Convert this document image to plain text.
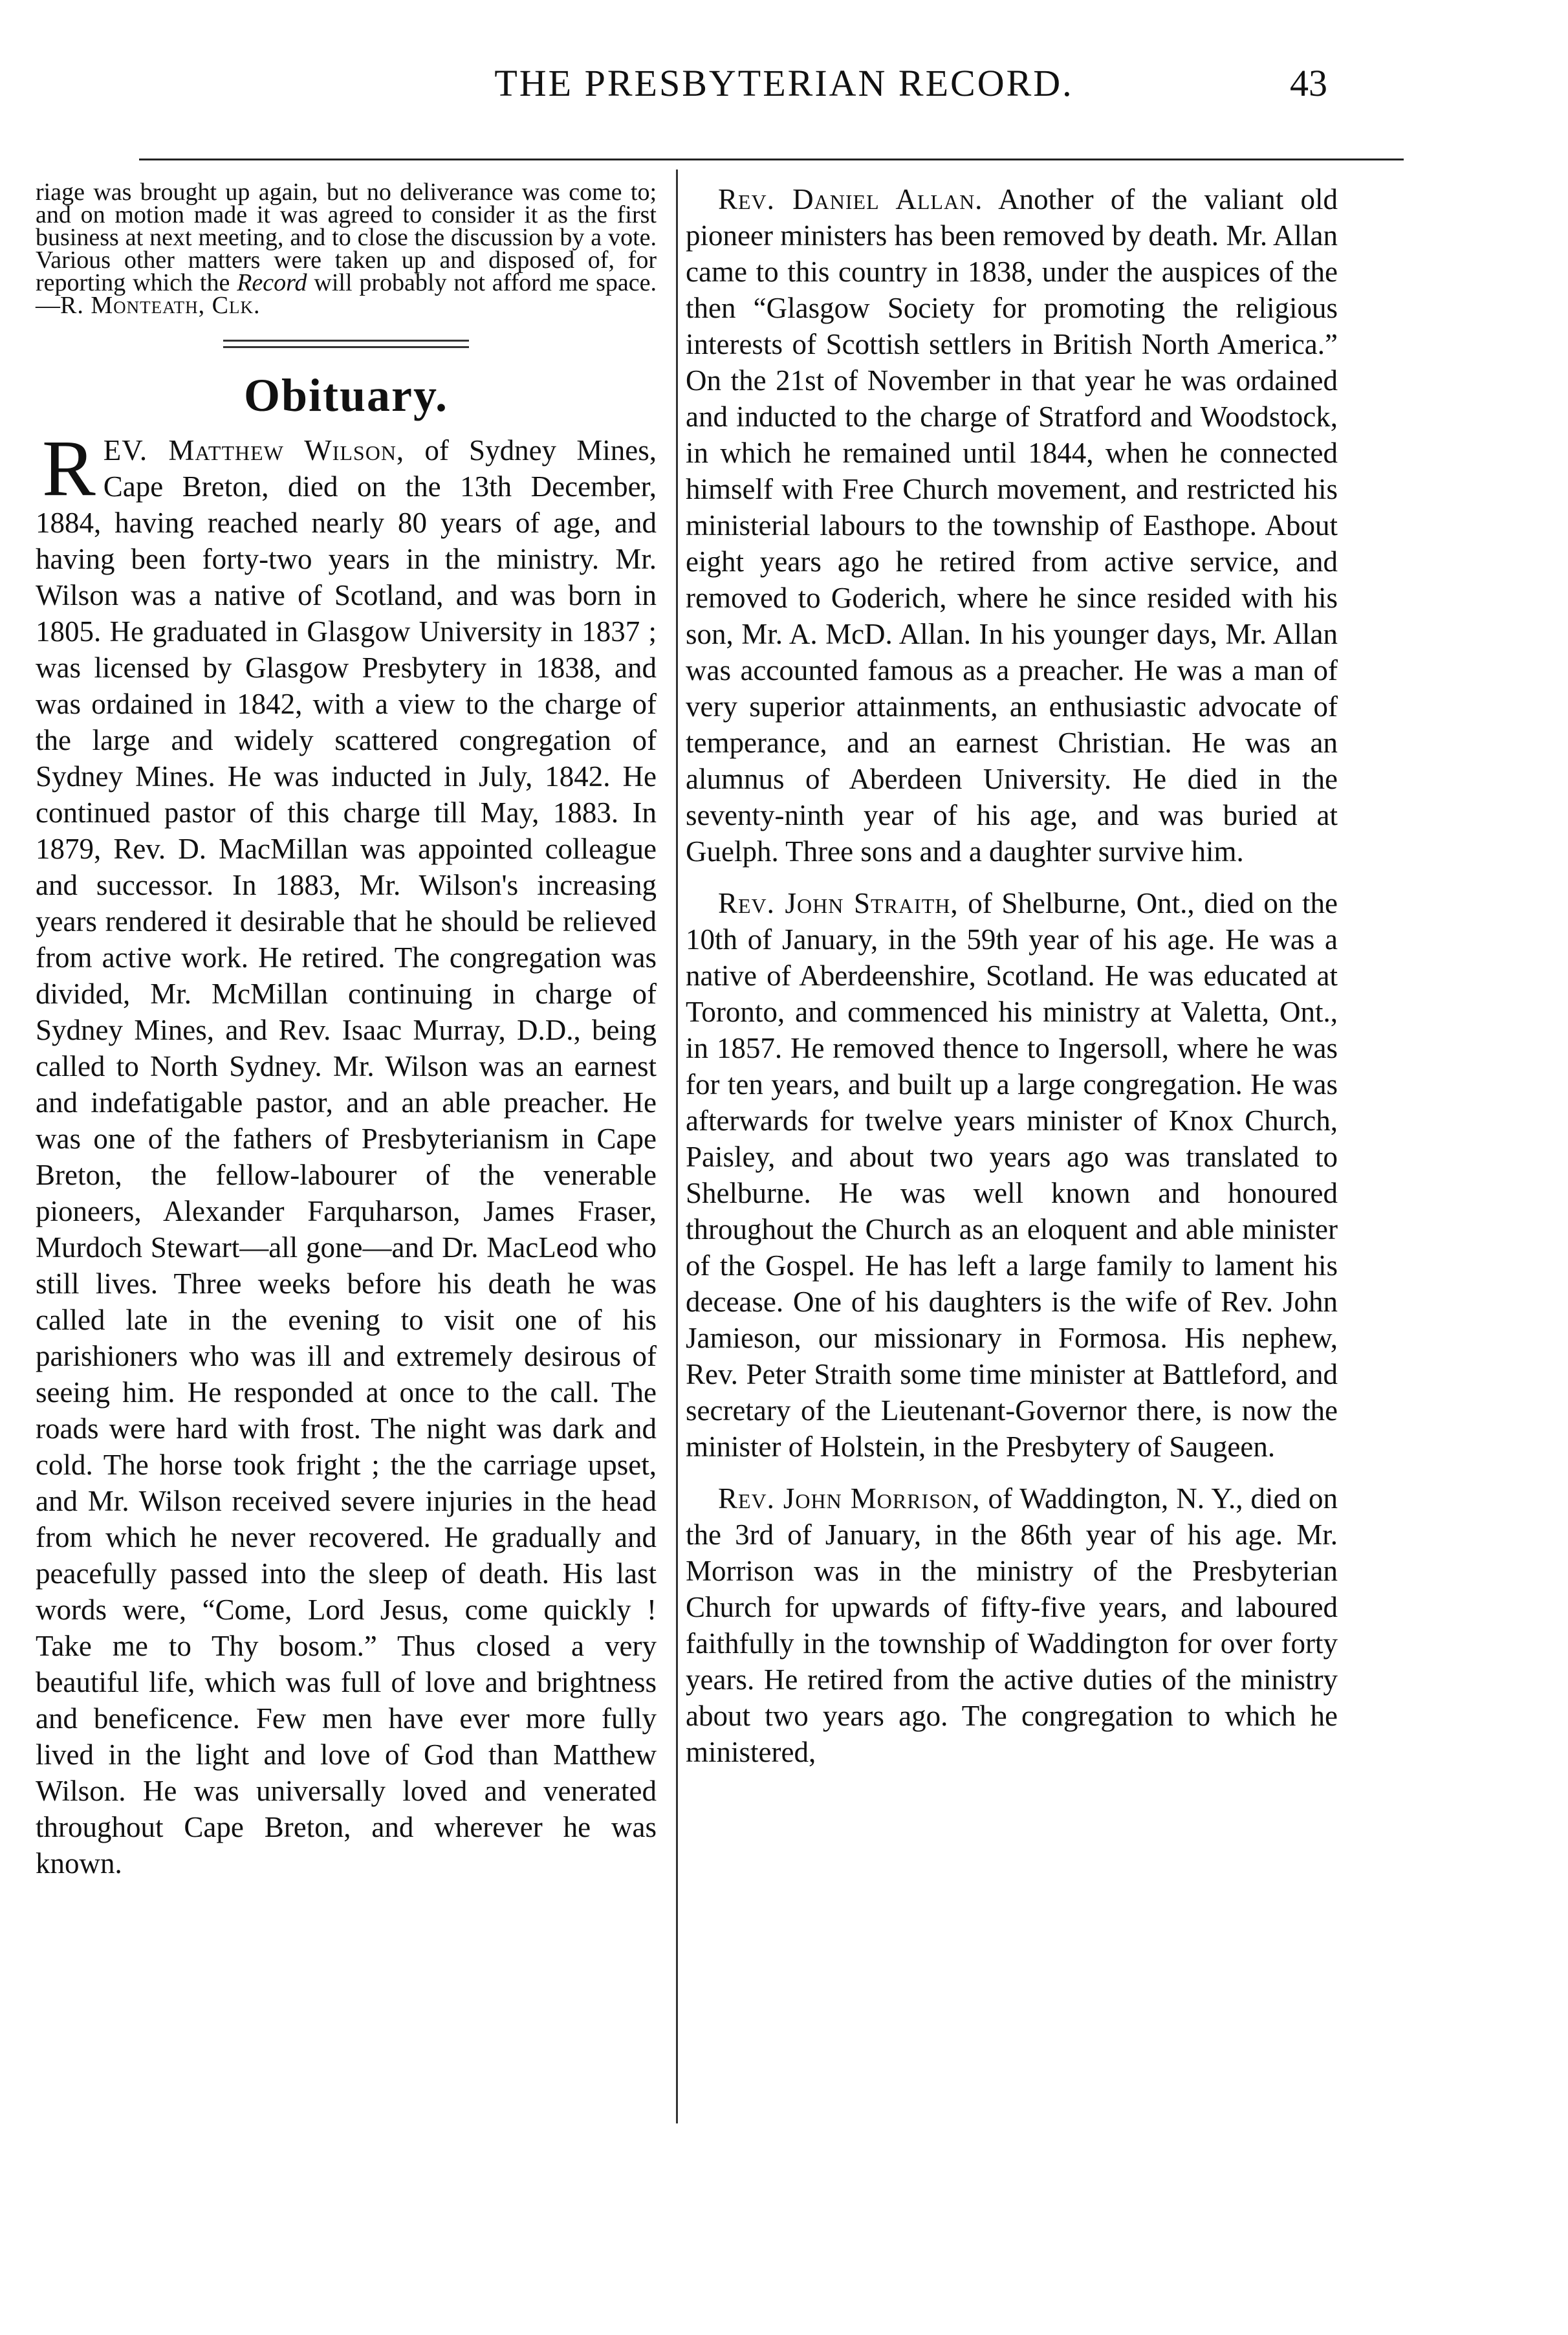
THE PRESBYTERIAN RECORD.	43

riage was brought up again, but no deliverance was come to; and on motion made it was agreed to consider it as the first business at next meeting, and to close the discussion by a vote. Various other matters were taken up and disposed of, for reporting which the Record will probably not afford me space.—R. Monteath, Clk.

Obituary.

REV. Matthew Wilson, of Sydney Mines, Cape Breton, died on the 13th December, 1884, having reached nearly 80 years of age, and having been forty-two years in the ministry. Mr. Wilson was a native of Scotland, and was born in 1805. He graduated in Glasgow University in 1837 ; was licensed by Glasgow Presbytery in 1838, and was ordained in 1842, with a view to the charge of the large and widely scattered congregation of Sydney Mines. He was inducted in July, 1842. He continued pastor of this charge till May, 1883. In 1879, Rev. D. MacMillan was appointed colleague and successor. In 1883, Mr. Wilson's increasing years rendered it desirable that he should be relieved from active work. He retired. The congregation was divided, Mr. McMillan continuing in charge of Sydney Mines, and Rev. Isaac Murray, D.D., being called to North Sydney. Mr. Wilson was an earnest and indefatigable pastor, and an able preacher. He was one of the fathers of Presbyterianism in Cape Breton, the fellow-labourer of the venerable pioneers, Alexander Farquharson, James Fraser, Murdoch Stewart—all gone—and Dr. MacLeod who still lives. Three weeks before his death he was called late in the evening to visit one of his parishioners who was ill and extremely desirous of seeing him. He responded at once to the call. The roads were hard with frost. The night was dark and cold. The horse took fright ; the the carriage upset, and Mr. Wilson received severe injuries in the head from which he never recovered. He gradually and peacefully passed into the sleep of death. His last words were, “Come, Lord Jesus, come quickly ! Take me to Thy bosom.” Thus closed a very beautiful life, which was full of love and brightness and beneficence. Few men have ever more fully lived in the light and love of God than Matthew Wilson. He was universally loved and venerated throughout Cape Breton, and wherever he was known.

Rev. Daniel Allan. Another of the valiant old pioneer ministers has been removed by death. Mr. Allan came to this country in 1838, under the auspices of the then “Glasgow Society for promoting the religious interests of Scottish settlers in British North America.” On the 21st of November in that year he was ordained and inducted to the charge of Stratford and Woodstock, in which he remained until 1844, when he connected himself with Free Church movement, and restricted his ministerial labours to the township of Easthope. About eight years ago he retired from active service, and removed to Goderich, where he since resided with his son, Mr. A. McD. Allan. In his younger days, Mr. Allan was accounted famous as a preacher. He was a man of very superior attainments, an enthusiastic advocate of temperance, and an earnest Christian. He was an alumnus of Aberdeen University. He died in the seventy-ninth year of his age, and was buried at Guelph. Three sons and a daughter survive him.

Rev. John Straith, of Shelburne, Ont., died on the 10th of January, in the 59th year of his age. He was a native of Aberdeenshire, Scotland. He was educated at Toronto, and commenced his ministry at Valetta, Ont., in 1857. He removed thence to Ingersoll, where he was for ten years, and built up a large congregation. He was afterwards for twelve years minister of Knox Church, Paisley, and about two years ago was translated to Shelburne. He was well known and honoured throughout the Church as an eloquent and able minister of the Gospel. He has left a large family to lament his decease. One of his daughters is the wife of Rev. John Jamieson, our missionary in Formosa. His nephew, Rev. Peter Straith some time minister at Battleford, and secretary of the Lieutenant-Governor there, is now the minister of Holstein, in the Presbytery of Saugeen.

Rev. John Morrison, of Waddington, N. Y., died on the 3rd of January, in the 86th year of his age. Mr. Morrison was in the ministry of the Presbyterian Church for upwards of fifty-five years, and laboured faithfully in the township of Waddington for over forty years. He retired from the active duties of the ministry about two years ago. The congregation to which he ministered,
